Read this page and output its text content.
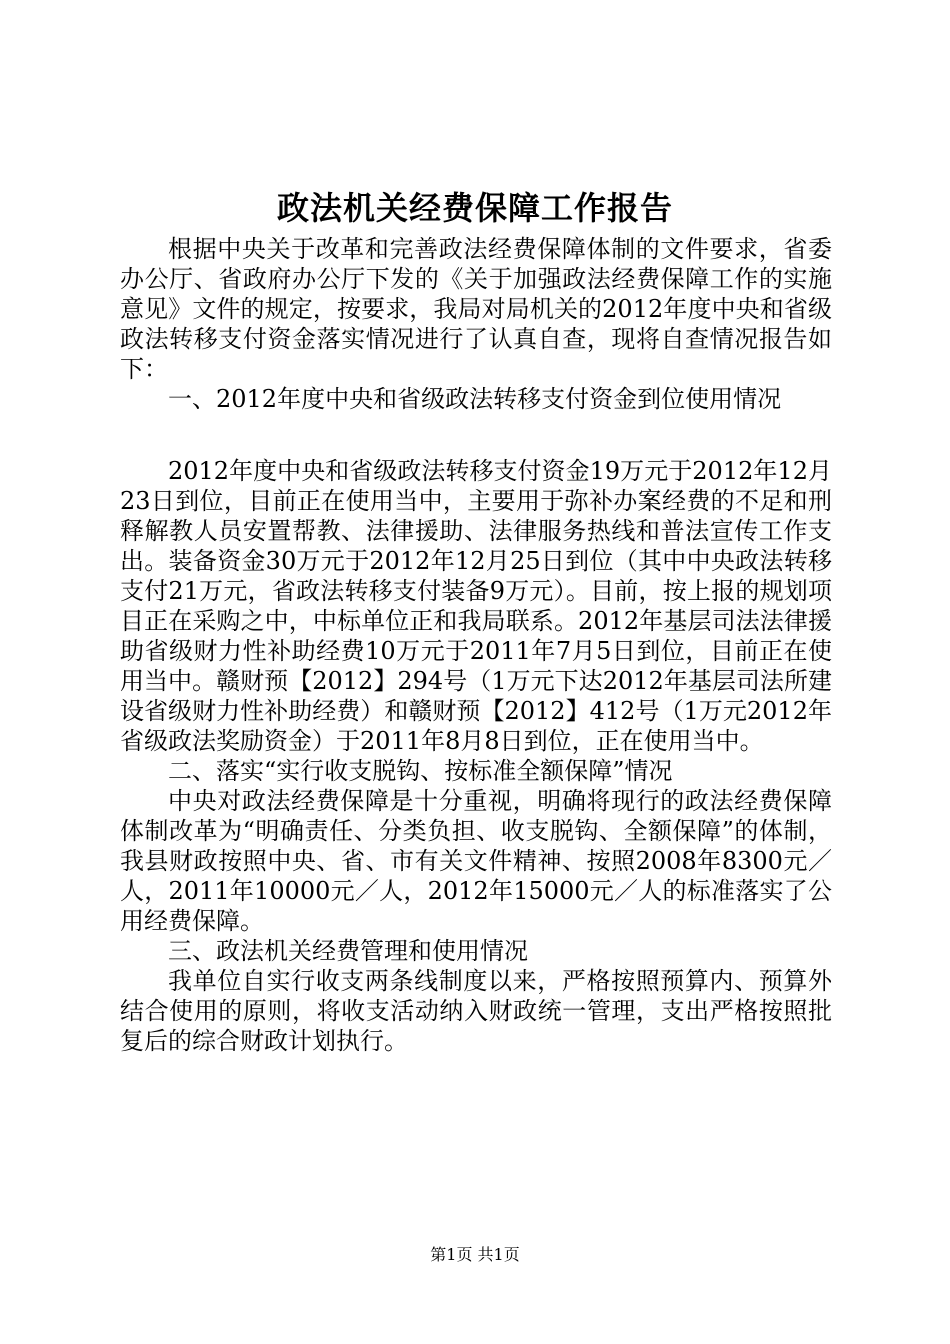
政法机关经费保障工作报告

根据中央关于改革和完善政法经费保障体制的文件要求，省委办公厅、省政府办公厅下发的《关于加强政法经费保障工作的实施意见》文件的规定，按要求，我局对局机关的2012年度中央和省级政法转移支付资金落实情况进行了认真自查，现将自查情况报告如下：

一、2012年度中央和省级政法转移支付资金到位使用情况

2012年度中央和省级政法转移支付资金19万元于2012年12月23日到位，目前正在使用当中，主要用于弥补办案经费的不足和刑释解教人员安置帮教、法律援助、法律服务热线和普法宣传工作支出。装备资金30万元于2012年12月25日到位（其中中央政法转移支付21万元，省政法转移支付装备9万元）。目前，按上报的规划项目正在采购之中，中标单位正和我局联系。2012年基层司法法律援助省级财力性补助经费10万元于2011年7月5日到位，目前正在使用当中。赣财预【2012】294号（1万元下达2012年基层司法所建设省级财力性补助经费）和赣财预【2012】412号（1万元2012年省级政法奖励资金）于2011年8月8日到位，正在使用当中。

二、落实“实行收支脱钩、按标准全额保障”情况

中央对政法经费保障是十分重视，明确将现行的政法经费保障体制改革为“明确责任、分类负担、收支脱钩、全额保障”的体制，我县财政按照中央、省、市有关文件精神、按照2008年8300元／人，2011年10000元／人，2012年15000元／人的标准落实了公用经费保障。

三、政法机关经费管理和使用情况

我单位自实行收支两条线制度以来，严格按照预算内、预算外结合使用的原则，将收支活动纳入财政统一管理，支出严格按照批复后的综合财政计划执行。

第1页 共1页
